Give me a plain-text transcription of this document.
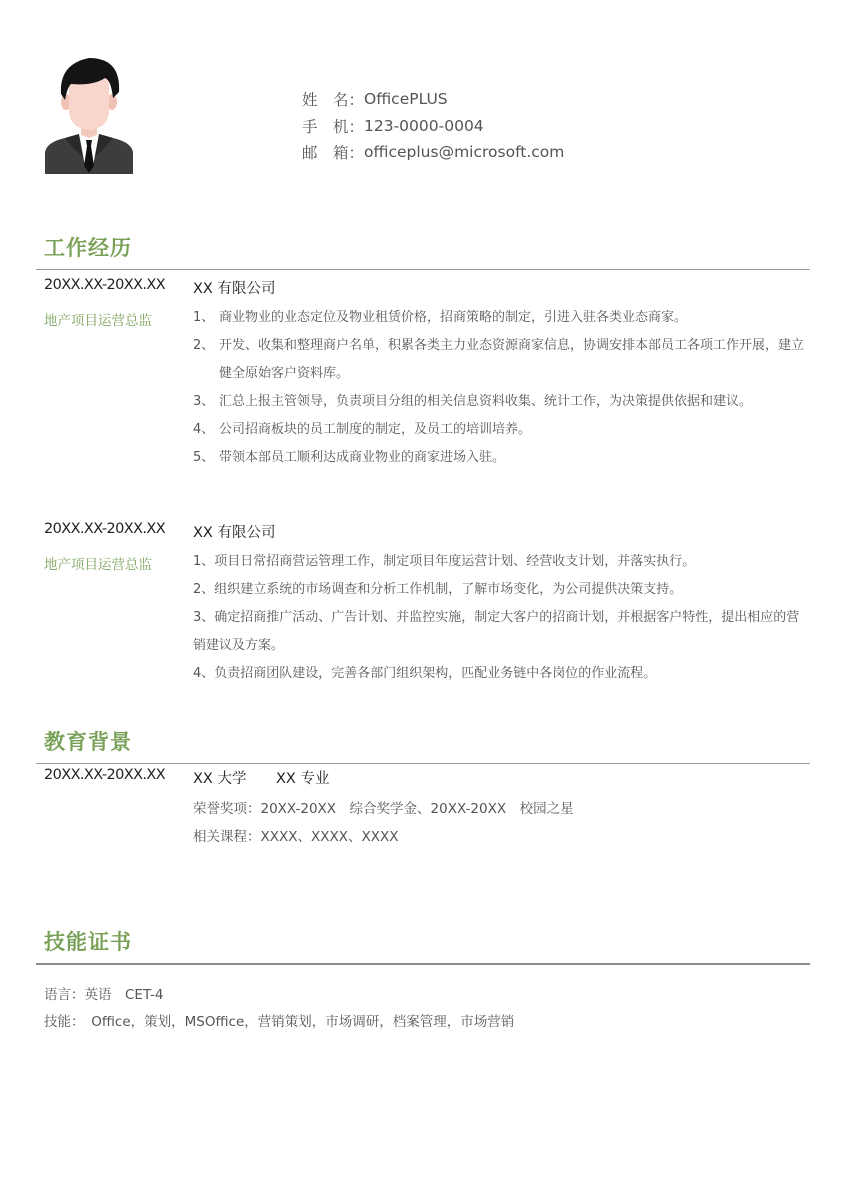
姓　名： OfficePLUS
手　机： 123-0000-0004
邮　箱： officeplus@microsoft.com
工作经历
20XX.XX-20XX.XX XX 有限公司
地产项目运营总监	1、 商业物业的业态定位及物业租赁价格，招商策略的制定，引进入驻各类业态商家。
2、 开发、收集和整理商户名单，积累各类主力业态资源商家信息，协调安排本部员工各项工作开展，建立健全原始客户资料库。
3、 汇总上报主管领导，负责项目分组的相关信息资料收集、统计工作，为决策提供依据和建议。
4、 公司招商板块的员工制度的制定，及员工的培训培养。
5、 带领本部员工顺利达成商业物业的商家进场入驻。
20XX.XX-20XX.XX XX 有限公司
地产项目运营总监	1、项目日常招商营运管理工作，制定项目年度运营计划、经营收支计划，并落实执行。
2、组织建立系统的市场调查和分析工作机制，了解市场变化，为公司提供决策支持。
3、确定招商推广活动、广告计划、并监控实施，制定大客户的招商计划，并根据客户特性，提出相应的营销建议及方案。
4、负责招商团队建设，完善各部门组织架构，匹配业务链中各岗位的作业流程。
教育背景
20XX.XX-20XX.XX XX 大学 XX 专业
荣誉奖项：20XX-20XX　综合奖学金、20XX-20XX　校园之星
相关课程：XXXX、XXXX、XXXX
技能证书
语言：英语　CET-4
技能：　Office，策划，MSOffice，营销策划，市场调研，档案管理，市场营销
